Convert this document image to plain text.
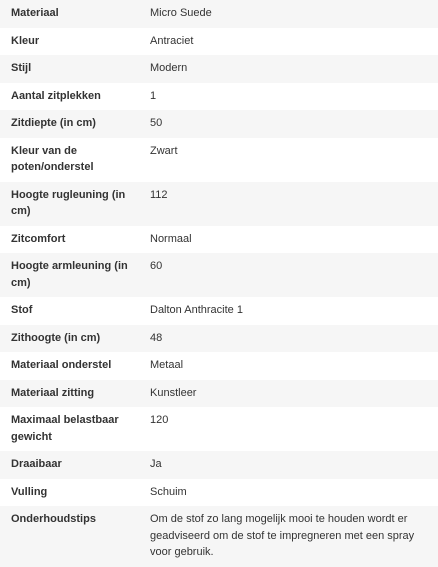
Materiaal	Micro Suede
Kleur	Antraciet
Stijl	Modern
Aantal zitplekken	1
Zitdiepte (in cm)	50
Kleur van de poten/onderstel	Zwart
Hoogte rugleuning (in cm)	112
Zitcomfort	Normaal
Hoogte armleuning (in cm)	60
Stof	Dalton Anthracite 1
Zithoogte (in cm)	48
Materiaal onderstel	Metaal
Materiaal zitting	Kunstleer
Maximaal belastbaar gewicht	120
Draaibaar	Ja
Vulling	Schuim
Onderhoudstips	Om de stof zo lang mogelijk mooi te houden wordt er geadviseerd om de stof te impregneren met een spray voor gebruik.
